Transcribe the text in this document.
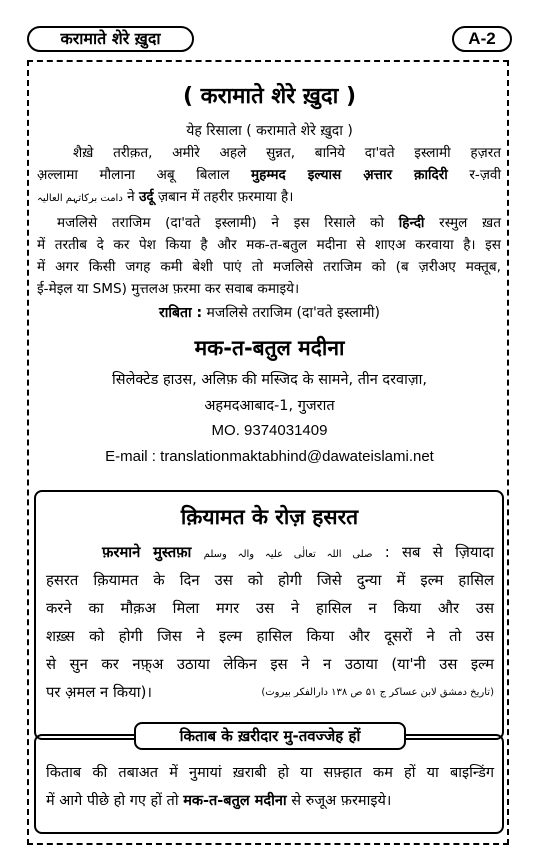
करामाते शेरे ख़ुदा	A-2
( करामाते शेरे ख़ुदा )
येह रिसाला ( करामाते शेरे ख़ुदा )
शैख़े तरीक़त, अमीरे अहले सुन्नत, बानिये दा'वते इस्लामी हज़रत
अ़ल्लामा मौलाना अबू बिलाल मुहम्मद इल्यास अ़त्तार क़ादिरी र-ज़वी
دامت برکاتہم العالیہ ने उर्दू ज़बान में तहरीर फ़रमाया है।
मजलिसे तराजिम (दा'वते इस्लामी) ने इस रिसाले को हिन्दी रस्मुल ख़त
में तरतीब दे कर पेश किया है और मक-त-बतुल मदीना से शाएअ करवाया है। इस
में अगर किसी जगह कमी बेशी पाएं तो मजलिसे तराजिम को (ब ज़रीअए मक्तूब,
ई-मेइल या SMS) मुत्तलअ फ़रमा कर सवाब कमाइये।
राबिता : मजलिसे तराजिम (दा'वते इस्लामी)
मक-त-बतुल मदीना
सिलेक्टेड हाउस, अलिफ़ की मस्जिद के सामने, तीन दरवाज़ा,
अहमदआबाद-1, गुजरात
MO. 9374031409
E-mail : translationmaktabhind@dawateislami.net
क़ियामत के रोज़ हसरत
फ़रमाने मुस्तफ़ा صلی اللہ تعالٰی علیہ والہ وسلم : सब से ज़ियादा
हसरत क़ियामत के दिन उस को होगी जिसे दुन्या में इल्म हासिल
करने का मौक़अ मिला मगर उस ने हासिल न किया और उस
शख़्स को होगी जिस ने इल्म हासिल किया और दूसरों ने तो उस
से सुन कर नफ़्अ उठाया लेकिन इस ने न उठाया (या'नी उस इल्म
पर अ़मल न किया)।	(تاریخ دمشق لابن عساکر ج ۵۱ ص ۱۳۸ دارالفکر بیروت)
किताब के ख़रीदार मु-तवज्जेह हों
किताब की तबाअत में नुमायां ख़राबी हो या सफ़्हात कम हों या बाइन्डिंग
में आगे पीछे हो गए हों तो मक-त-बतुल मदीना से रुजूअ फ़रमाइये।
